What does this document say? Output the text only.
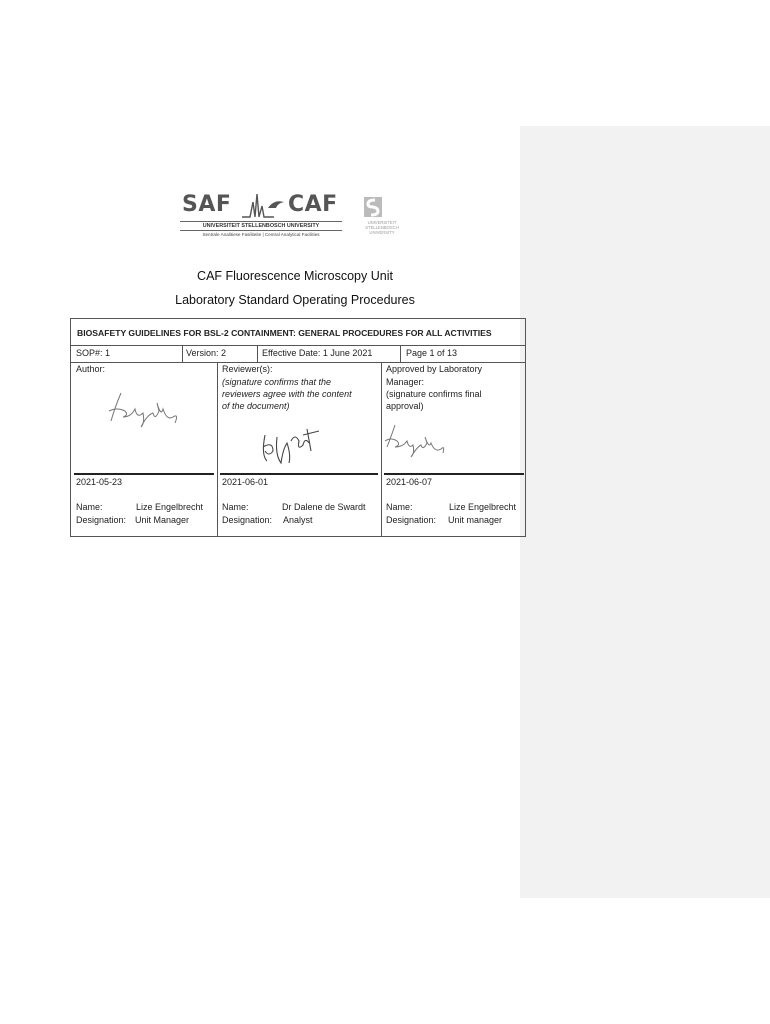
SAF	CAF
UNIVERSITEIT STELLENBOSCH UNIVERSITY
Sentrale Analitiese Fasiliteite | Central Analytical Facilities
UNIVERSITEIT
STELLENBOSCH
UNIVERSITY
CAF Fluorescence Microscopy Unit
Laboratory Standard Operating Procedures
BIOSAFETY GUIDELINES FOR BSL-2 CONTAINMENT: GENERAL PROCEDURES FOR ALL ACTIVITIES
SOP#: 1	Version: 2	Effective Date: 1 June 2021	Page 1 of 13
Author:
2021-05-23
Name:	Lize Engelbrecht
Designation: Unit Manager
Reviewer(s):
(signature confirms that the
reviewers agree with the content
of the document)
2021-06-01
Name:	Dr Dalene de Swardt
Designation: Analyst
Approved by Laboratory
Manager:
(signature confirms final
approval)
2021-06-07
Name:	Lize Engelbrecht
Designation: Unit manager
